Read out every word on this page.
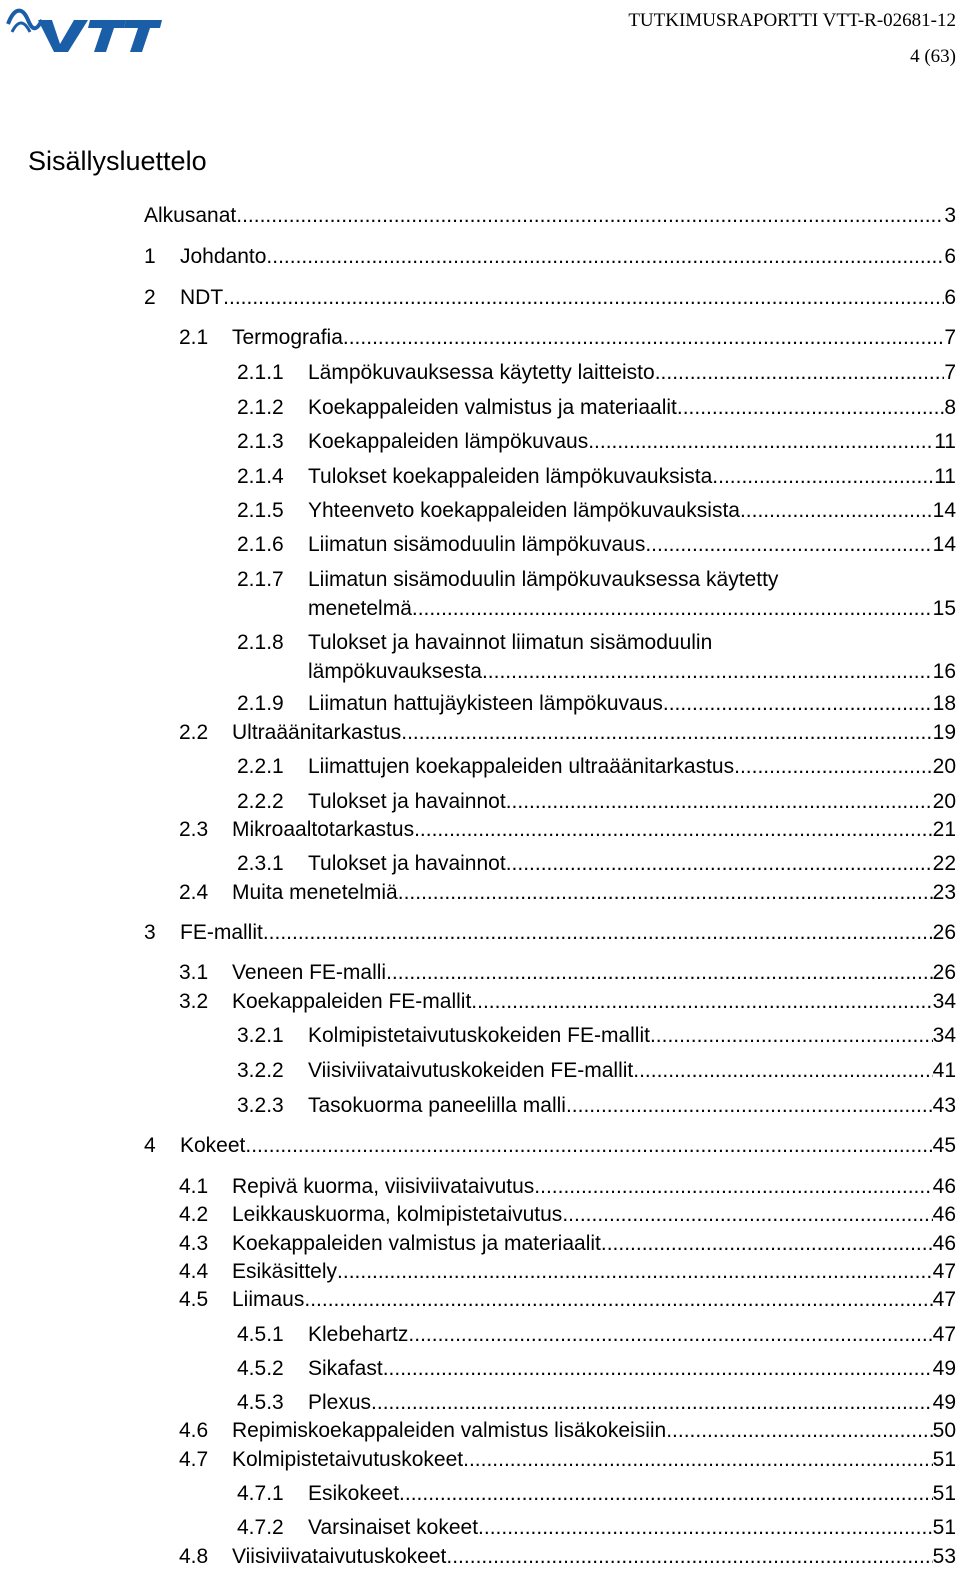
TUTKIMUSRAPORTTI VTT-R-02681-12
4 (63)
Sisällysluettelo
Alkusanat .....	3
1	Johdanto .....	6
2	NDT .....	6
2.1	Termografia .....	7
2.1.1	Lämpökuvauksessa käytetty laitteisto .....	7
2.1.2	Koekappaleiden valmistus ja materiaalit .....	8
2.1.3	Koekappaleiden lämpökuvaus .....	11
2.1.4	Tulokset koekappaleiden lämpökuvauksista .....	11
2.1.5	Yhteenveto koekappaleiden lämpökuvauksista .....	14
2.1.6	Liimatun sisämoduulin lämpökuvaus .....	14
2.1.7	Liimatun sisämoduulin lämpökuvauksessa käytetty
menetelmä .....	15
2.1.8	Tulokset ja havainnot liimatun sisämoduulin
lämpökuvauksesta .....	16
2.1.9	Liimatun hattujäykisteen lämpökuvaus .....	18
2.2	Ultraäänitarkastus .....	19
2.2.1	Liimattujen koekappaleiden ultraäänitarkastus .....	20
2.2.2	Tulokset ja havainnot .....	20
2.3	Mikroaaltotarkastus .....	21
2.3.1	Tulokset ja havainnot .....	22
2.4	Muita menetelmiä .....	23
3	FE-mallit .....	26
3.1	Veneen FE-malli .....	26
3.2	Koekappaleiden FE-mallit .....	34
3.2.1	Kolmipistetaivutuskokeiden FE-mallit .....	34
3.2.2	Viisiviivataivutuskokeiden FE-mallit .....	41
3.2.3	Tasokuorma paneelilla malli .....	43
4	Kokeet .....	45
4.1	Repivä kuorma, viisiviivataivutus .....	46
4.2	Leikkauskuorma, kolmipistetaivutus .....	46
4.3	Koekappaleiden valmistus ja materiaalit .....	46
4.4	Esikäsittely .....	47
4.5	Liimaus .....	47
4.5.1	Klebehartz .....	47
4.5.2	Sikafast .....	49
4.5.3	Plexus .....	49
4.6	Repimiskoekappaleiden valmistus lisäkokeisiin .....	50
4.7	Kolmipistetaivutuskokeet .....	51
4.7.1	Esikokeet .....	51
4.7.2	Varsinaiset kokeet .....	51
4.8	Viisiviivataivutuskokeet .....	53
